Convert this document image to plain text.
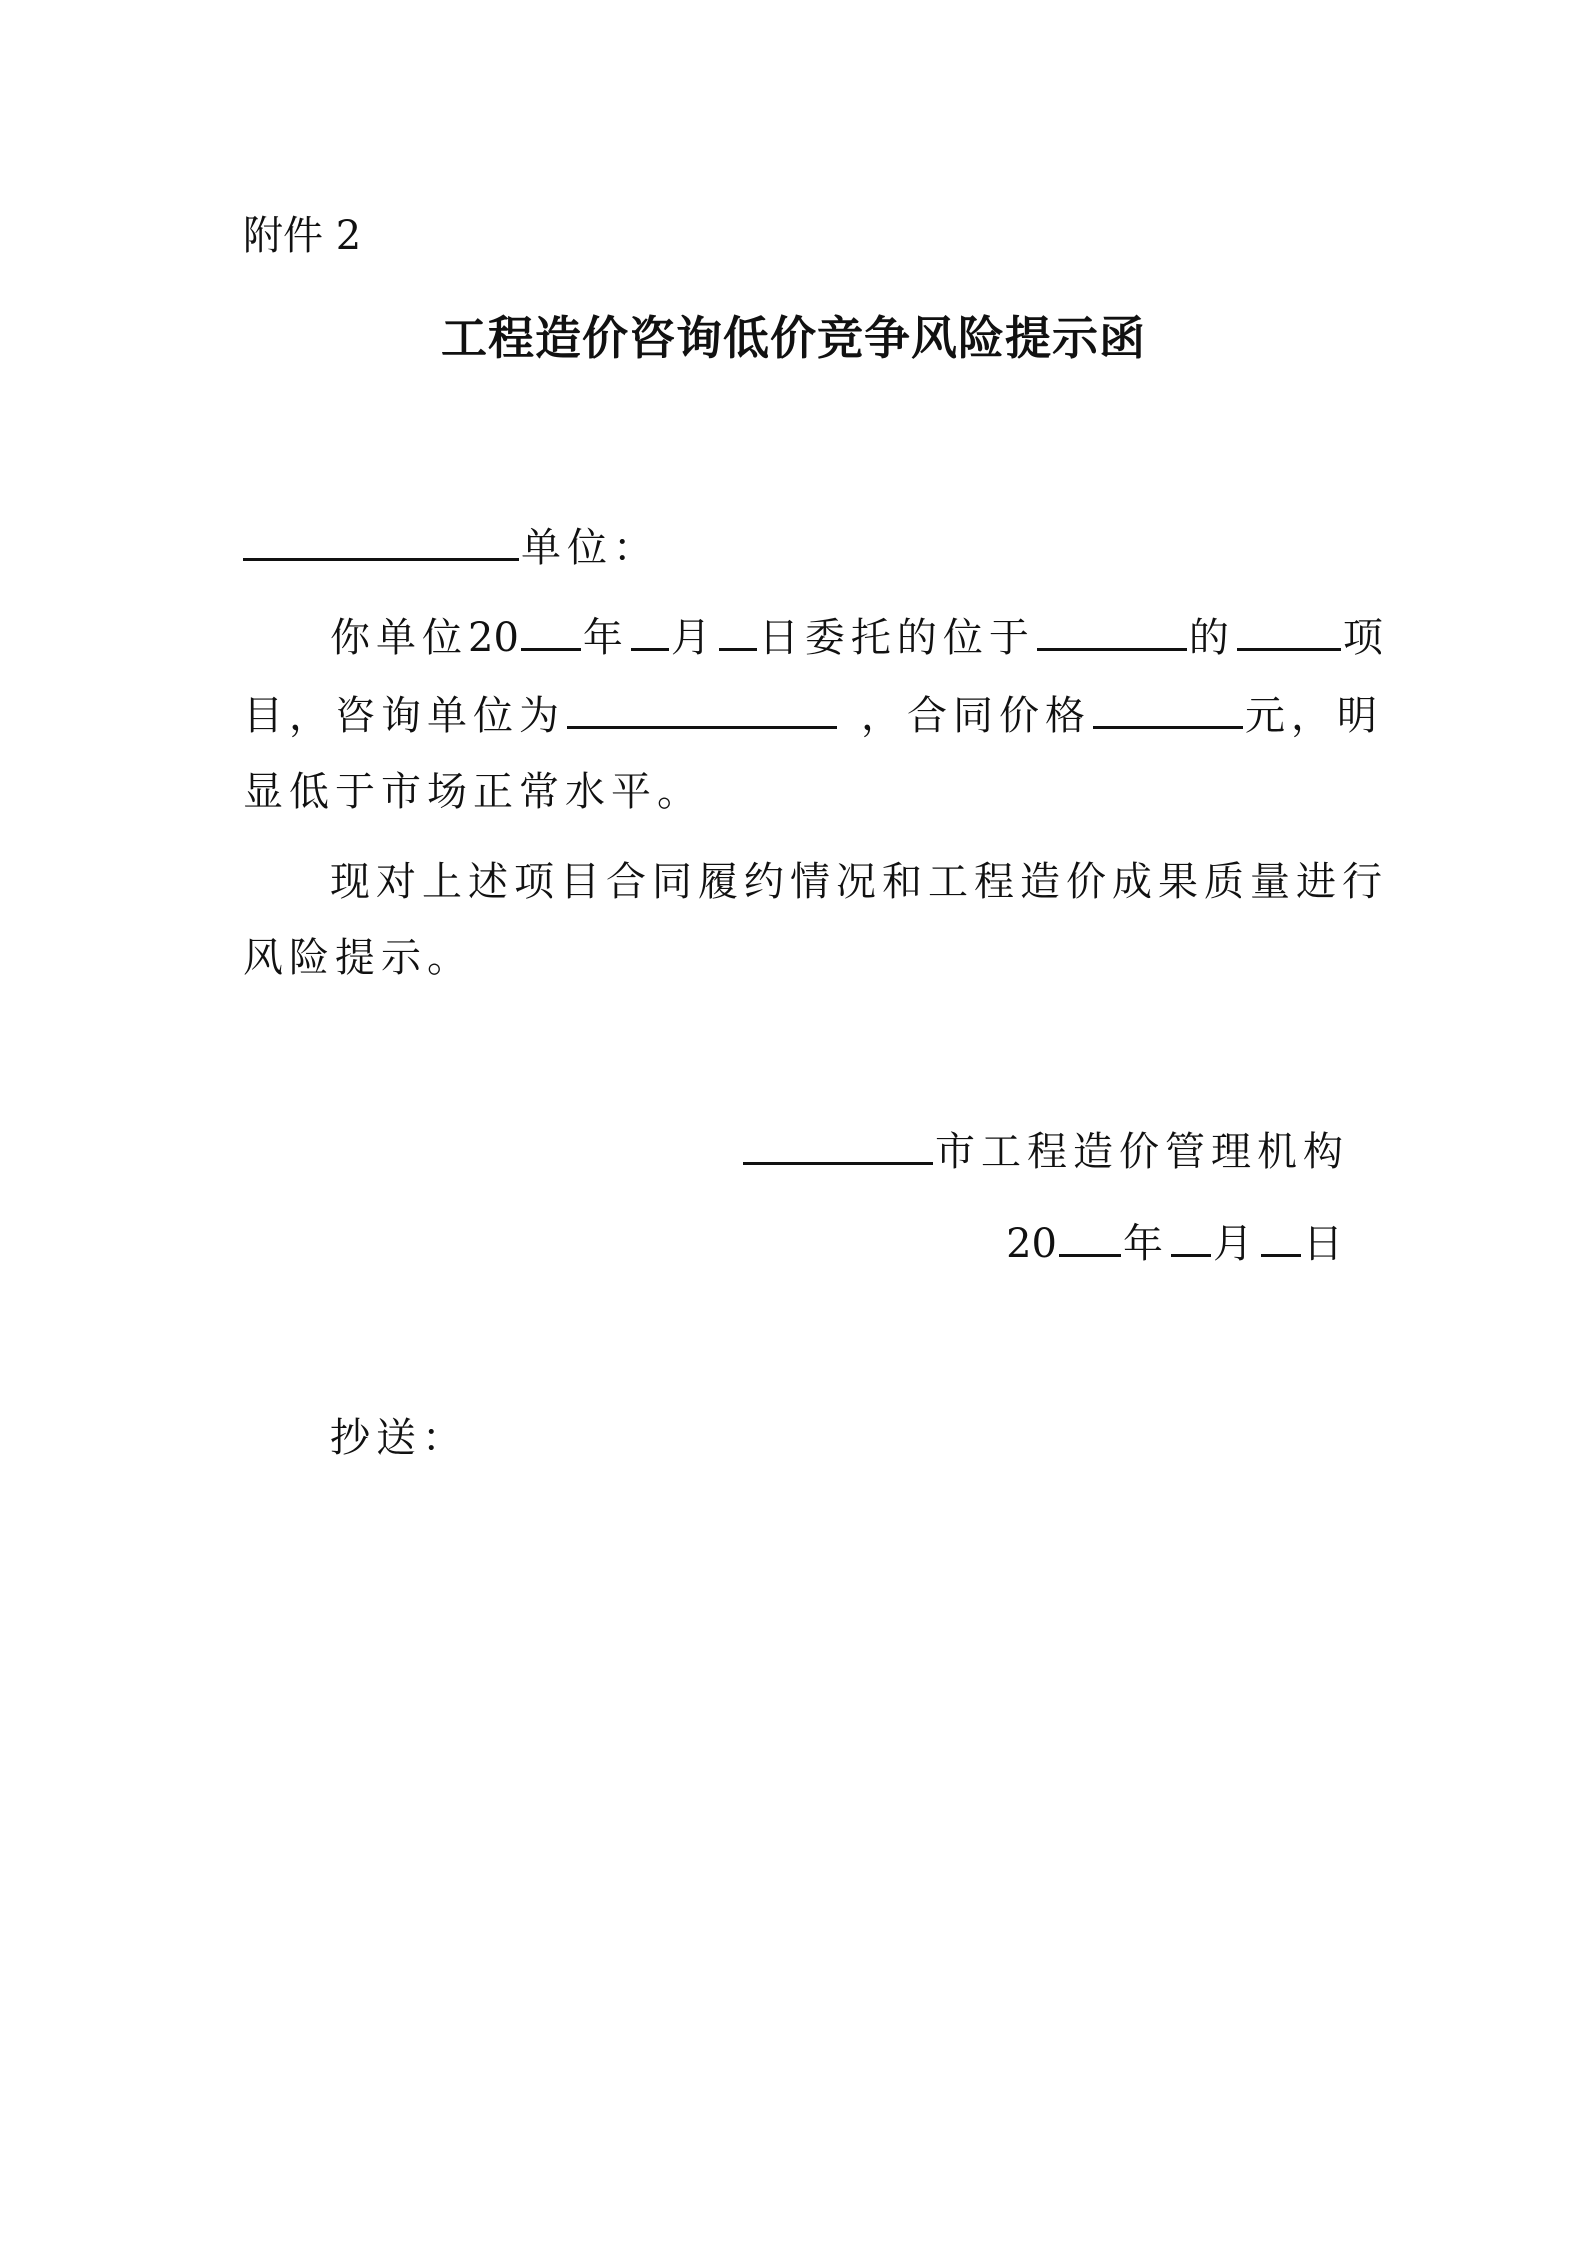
附件 2
工程造价咨询低价竞争风险提示函
单位：
你单位20 年 月 日委托的位于	的	项
目，咨询单位为	，合同价格	元，明
显低于市场正常水平。
现对上述项目合同履约情况和工程造价成果质量进行
风险提示。
市工程造价管理机构
20 年 月 日
抄送：
